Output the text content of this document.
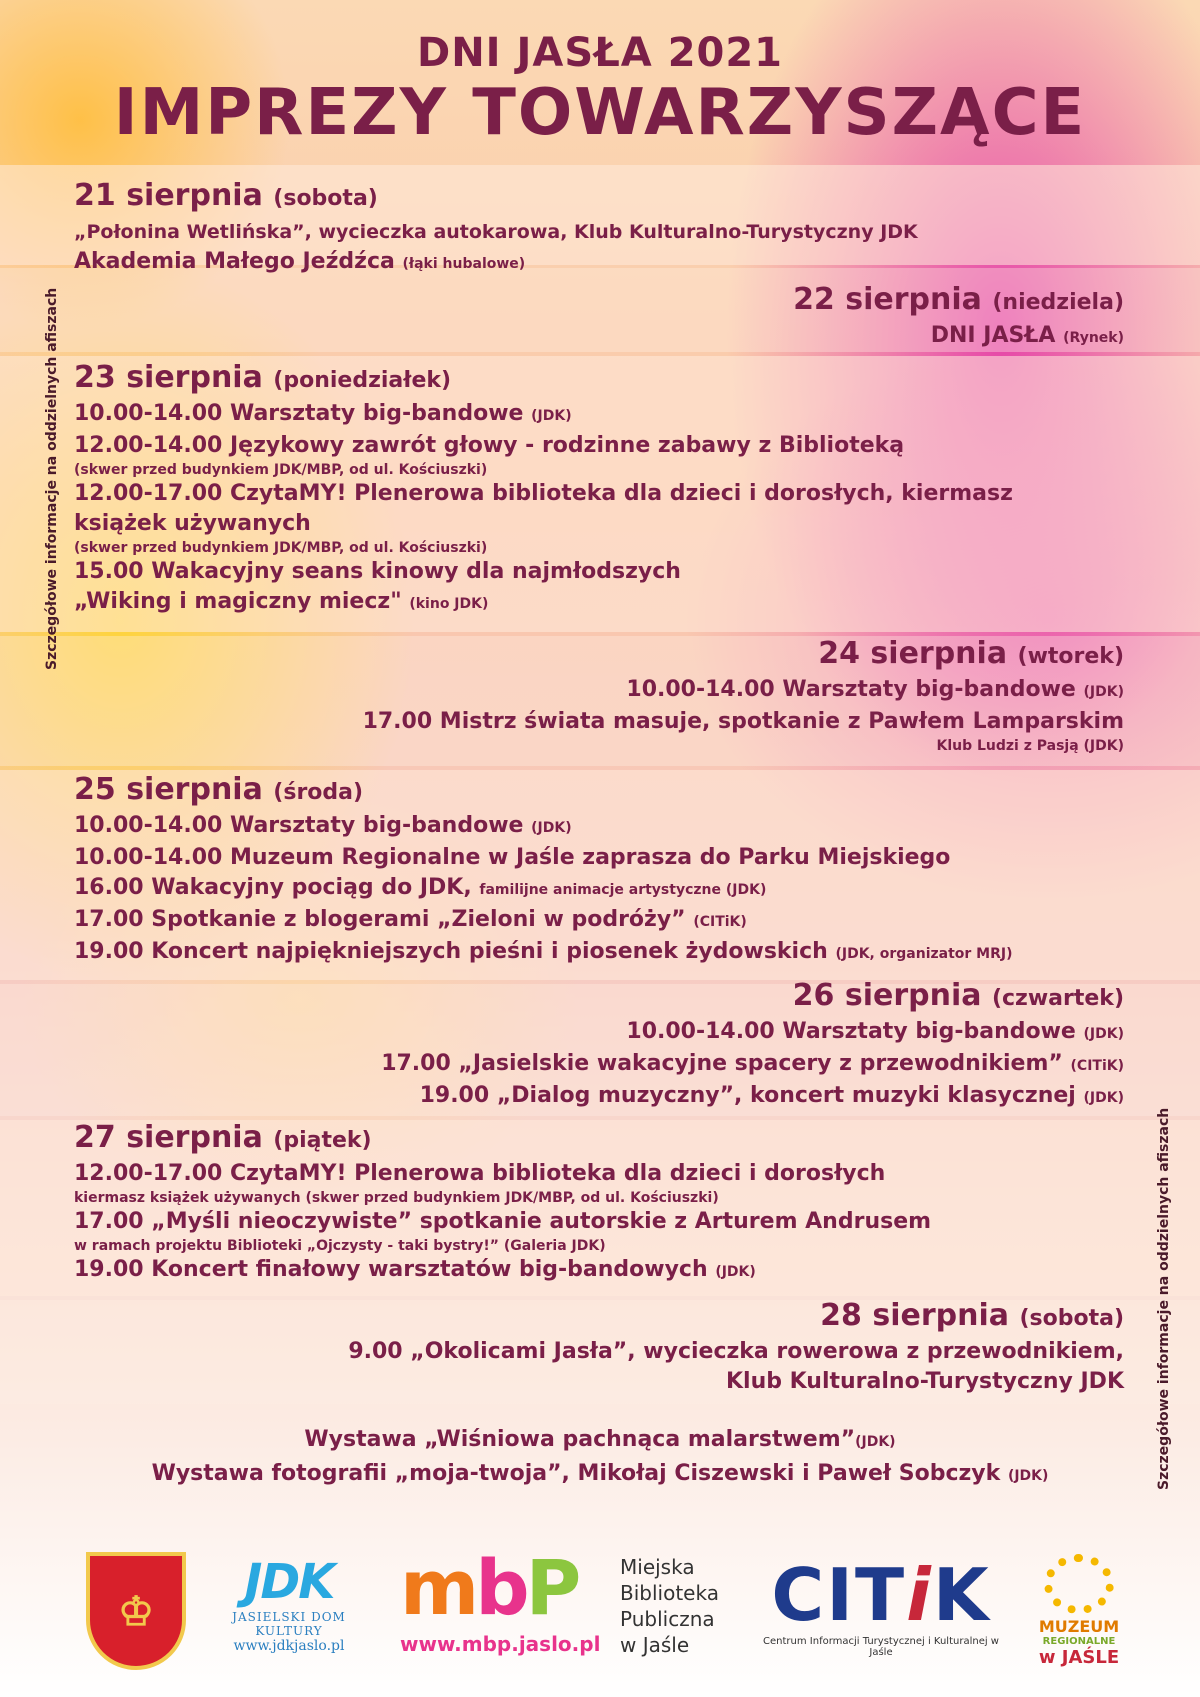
DNI JASŁA 2021
IMPREZY TOWARZYSZĄCE
Szczegółowe informacje na oddzielnych afiszach
Szczegółowe informacje na oddzielnych afiszach
21 sierpnia (sobota)
„Połonina Wetlińska”, wycieczka autokarowa, Klub Kulturalno-Turystyczny JDK
Akademia Małego Jeźdźca (łąki hubalowe)
22 sierpnia (niedziela)
DNI JASŁA (Rynek)
23 sierpnia (poniedziałek)
10.00-14.00 Warsztaty big-bandowe (JDK)
12.00-14.00 Językowy zawrót głowy - rodzinne zabawy z Biblioteką
(skwer przed budynkiem JDK/MBP, od ul. Kościuszki)
12.00-17.00 CzytaMY! Plenerowa biblioteka dla dzieci i dorosłych, kiermasz
książek używanych
(skwer przed budynkiem JDK/MBP, od ul. Kościuszki)
15.00 Wakacyjny seans kinowy dla najmłodszych
„Wiking i magiczny miecz" (kino JDK)
24 sierpnia (wtorek)
10.00-14.00 Warsztaty big-bandowe (JDK)
17.00 Mistrz świata masuje, spotkanie z Pawłem Lamparskim
Klub Ludzi z Pasją (JDK)
25 sierpnia (środa)
10.00-14.00 Warsztaty big-bandowe (JDK)
10.00-14.00 Muzeum Regionalne w Jaśle zaprasza do Parku Miejskiego
16.00 Wakacyjny pociąg do JDK, familijne animacje artystyczne (JDK)
17.00 Spotkanie z blogerami „Zieloni w podróży” (CITiK)
19.00 Koncert najpiękniejszych pieśni i piosenek żydowskich (JDK, organizator MRJ)
26 sierpnia (czwartek)
10.00-14.00 Warsztaty big-bandowe (JDK)
17.00 „Jasielskie wakacyjne spacery z przewodnikiem” (CITiK)
19.00 „Dialog muzyczny”, koncert muzyki klasycznej (JDK)
27 sierpnia (piątek)
12.00-17.00 CzytaMY! Plenerowa biblioteka dla dzieci i dorosłych
kiermasz książek używanych (skwer przed budynkiem JDK/MBP, od ul. Kościuszki)
17.00 „Myśli nieoczywiste” spotkanie autorskie z Arturem Andrusem
w ramach projektu Biblioteki „Ojczysty - taki bystry!” (Galeria JDK)
19.00 Koncert finałowy warsztatów big-bandowych (JDK)
28 sierpnia (sobota)
9.00 „Okolicami Jasła”, wycieczka rowerowa z przewodnikiem,
Klub Kulturalno-Turystyczny JDK
Wystawa „Wiśniowa pachnąca malarstwem”(JDK)
Wystawa fotografii „moja-twoja”, Mikołaj Ciszewski i Paweł Sobczyk (JDK)
♔
JDK
JASIELSKI DOM KULTURY
www.jdkjaslo.pl
mbP
www.mbp.jaslo.pl
Miejska
Biblioteka
Publiczna
w Jaśle
CITiK
Centrum Informacji Turystycznej i Kulturalnej w Jaśle
MUZEUM
REGIONALNE
w JAŚLE
